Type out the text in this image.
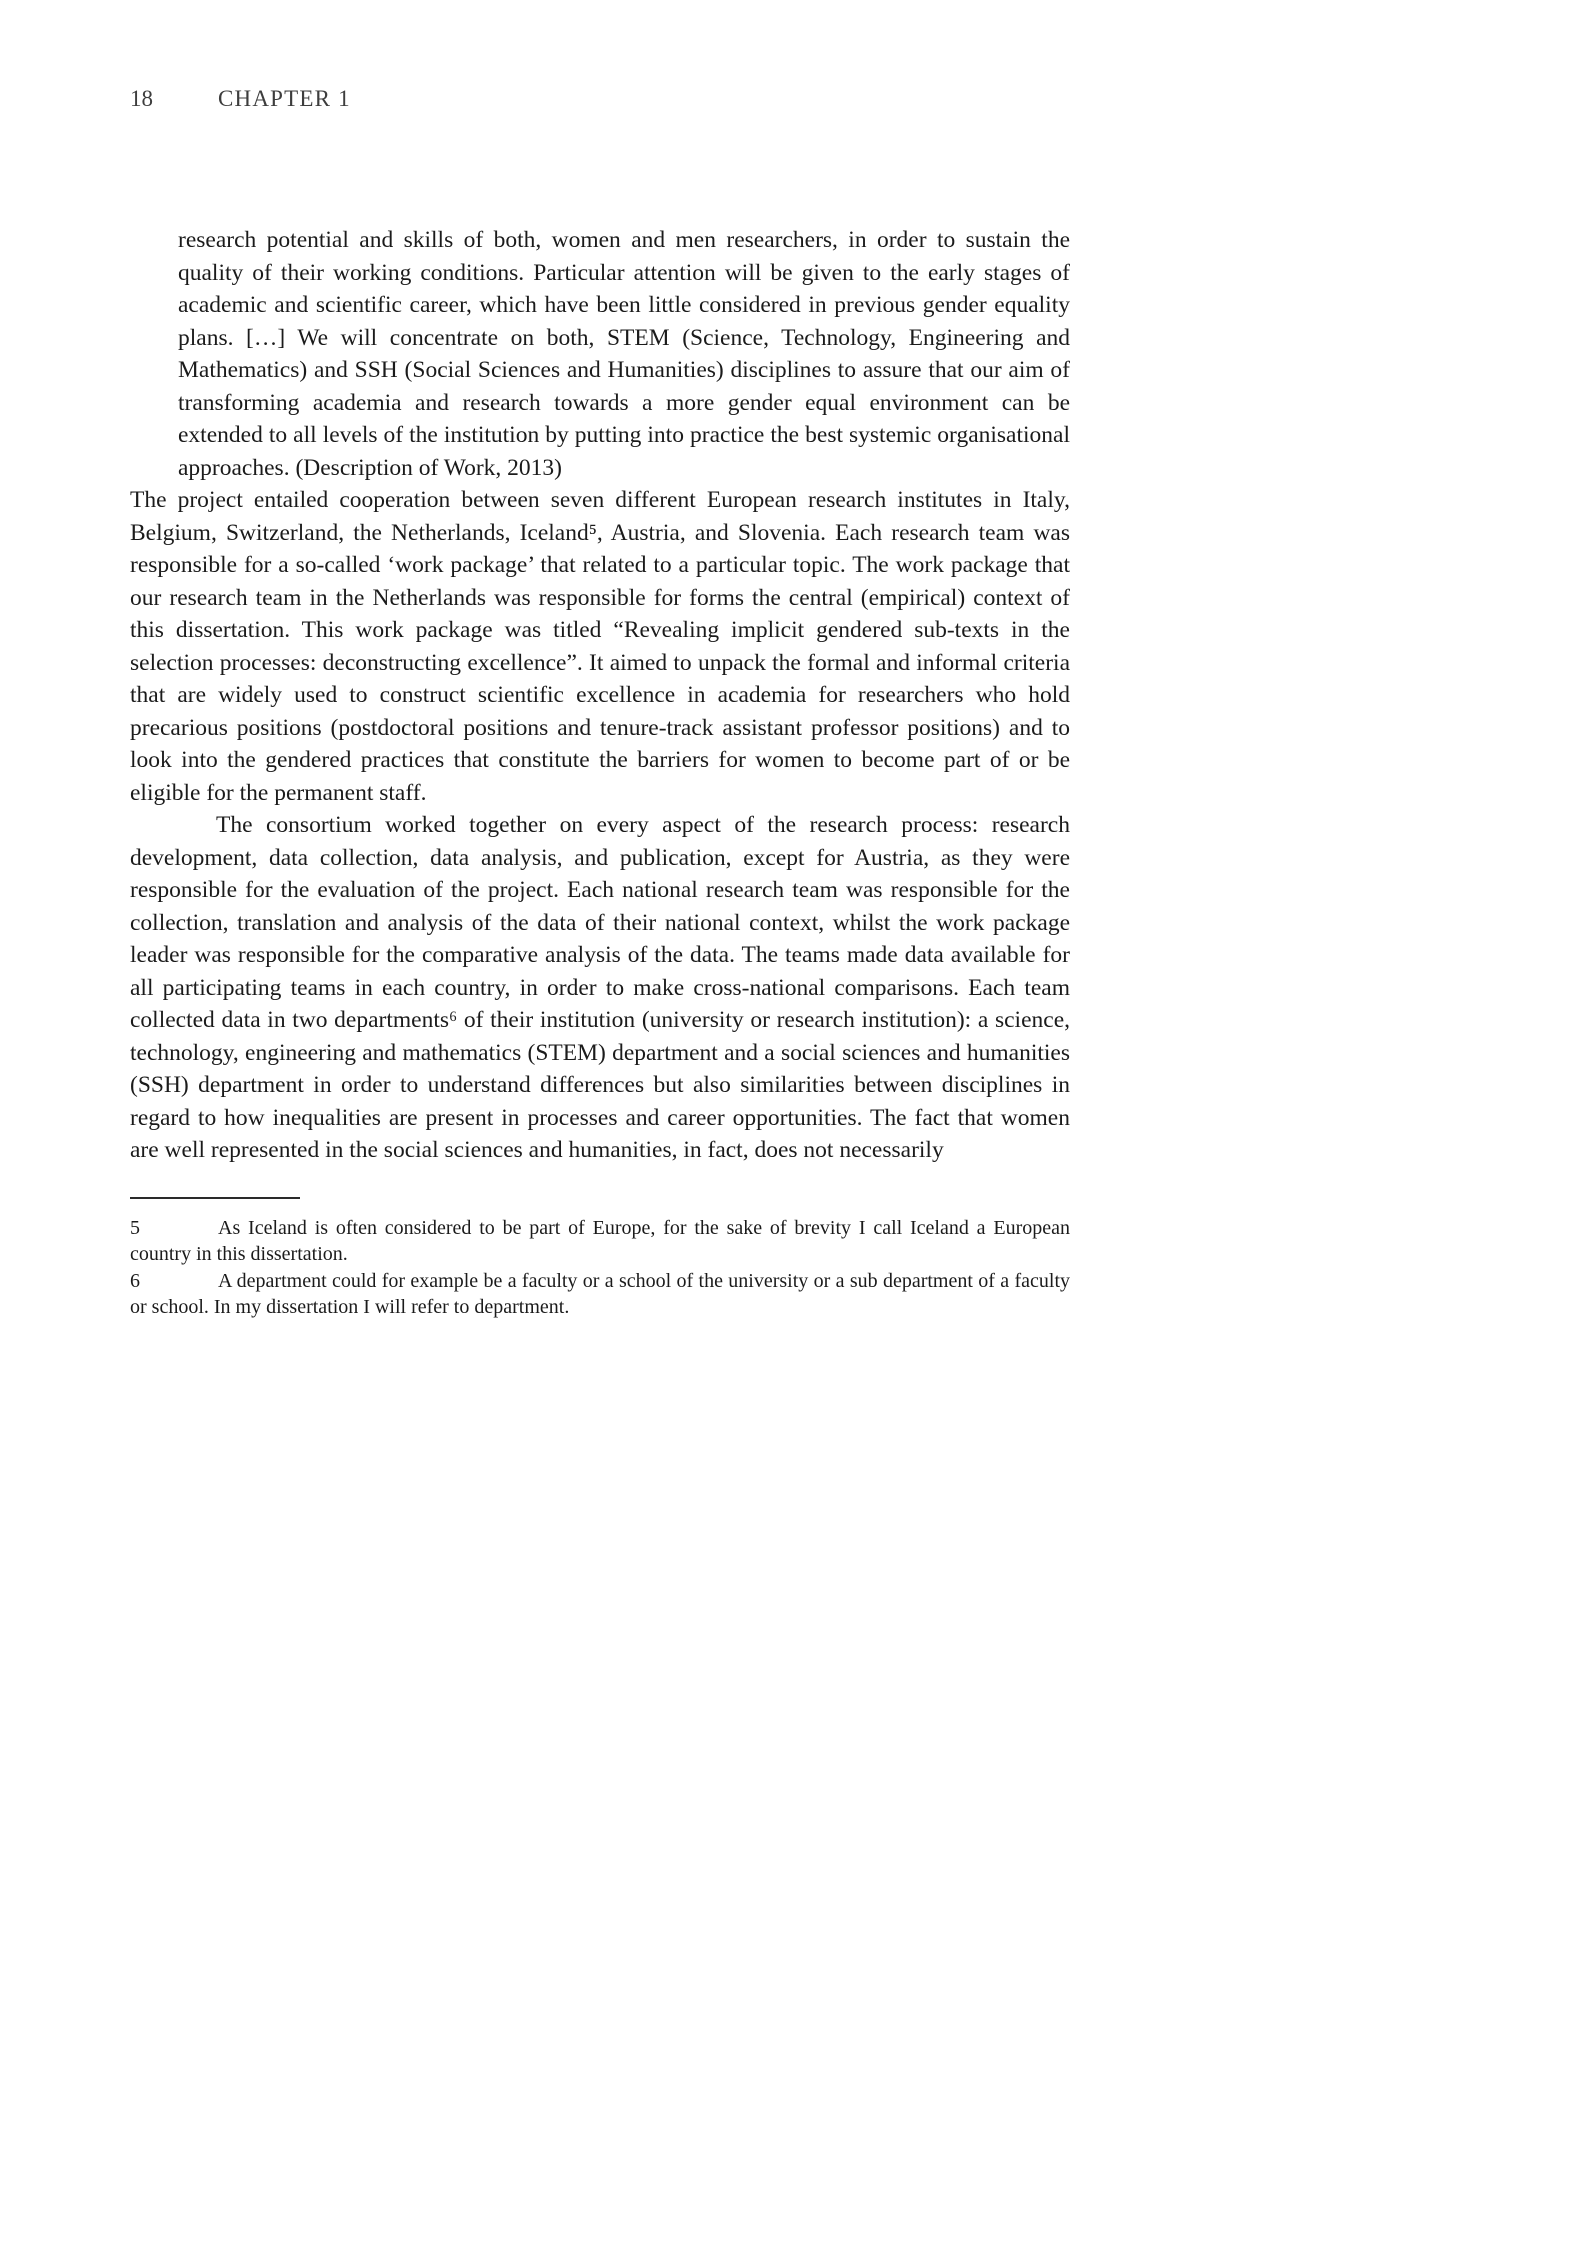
18	CHAPTER 1
research potential and skills of both, women and men researchers, in order to sustain the quality of their working conditions. Particular attention will be given to the early stages of academic and scientific career, which have been little considered in previous gender equality plans. […] We will concentrate on both, STEM (Science, Technology, Engineering and Mathematics) and SSH (Social Sciences and Humanities) disciplines to assure that our aim of transforming academia and research towards a more gender equal environment can be extended to all levels of the institution by putting into practice the best systemic organisational approaches. (Description of Work, 2013)

The project entailed cooperation between seven different European research institutes in Italy, Belgium, Switzerland, the Netherlands, Iceland⁵, Austria, and Slovenia. Each research team was responsible for a so-called ‘work package’ that related to a particular topic. The work package that our research team in the Netherlands was responsible for forms the central (empirical) context of this dissertation. This work package was titled “Revealing implicit gendered sub-texts in the selection processes: deconstructing excellence”. It aimed to unpack the formal and informal criteria that are widely used to construct scientific excellence in academia for researchers who hold precarious positions (postdoctoral positions and tenure-track assistant professor positions) and to look into the gendered practices that constitute the barriers for women to become part of or be eligible for the permanent staff.

The consortium worked together on every aspect of the research process: research development, data collection, data analysis, and publication, except for Austria, as they were responsible for the evaluation of the project. Each national research team was responsible for the collection, translation and analysis of the data of their national context, whilst the work package leader was responsible for the comparative analysis of the data. The teams made data available for all participating teams in each country, in order to make cross-national comparisons. Each team collected data in two departments⁶ of their institution (university or research institution): a science, technology, engineering and mathematics (STEM) department and a social sciences and humanities (SSH) department in order to understand differences but also similarities between disciplines in regard to how inequalities are present in processes and career opportunities. The fact that women are well represented in the social sciences and humanities, in fact, does not necessarily

5	As Iceland is often considered to be part of Europe, for the sake of brevity I call Iceland a European country in this dissertation.

6	A department could for example be a faculty or a school of the university or a sub department of a faculty or school. In my dissertation I will refer to department.
